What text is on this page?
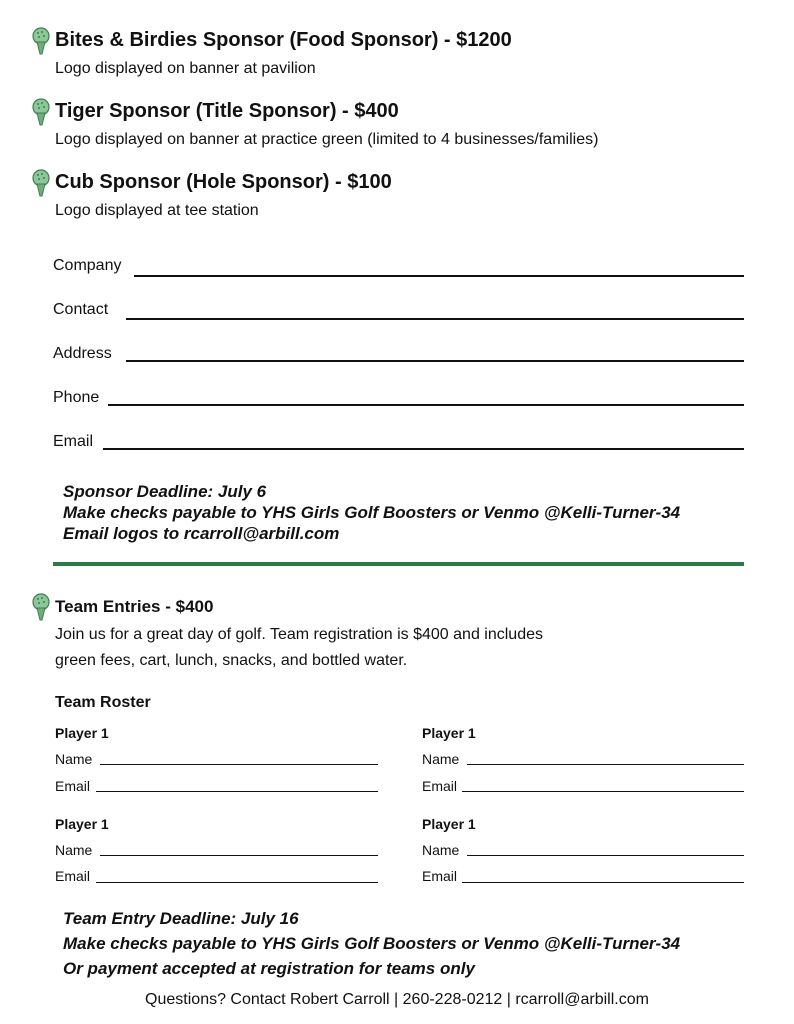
Bites & Birdies Sponsor (Food Sponsor) - $1200
Logo displayed on banner at pavilion
Tiger Sponsor (Title Sponsor) - $400
Logo displayed on banner at practice green (limited to 4 businesses/families)
Cub Sponsor (Hole Sponsor) - $100
Logo displayed at tee station
Company
Contact
Address
Phone
Email
Sponsor Deadline: July 6
Make checks payable to YHS Girls Golf Boosters or Venmo @Kelli-Turner-34
Email logos to rcarroll@arbill.com
Team Entries - $400
Join us for a great day of golf. Team registration is $400 and includes
green fees, cart, lunch, snacks, and bottled water.
Team Roster
Player 1
Name
Email
Player 1
Name
Email
Player 1
Name
Email
Player 1
Name
Email
Team Entry Deadline: July 16
Make checks payable to YHS Girls Golf Boosters or Venmo @Kelli-Turner-34
Or payment accepted at registration for teams only
Questions? Contact Robert Carroll | 260-228-0212 | rcarroll@arbill.com
